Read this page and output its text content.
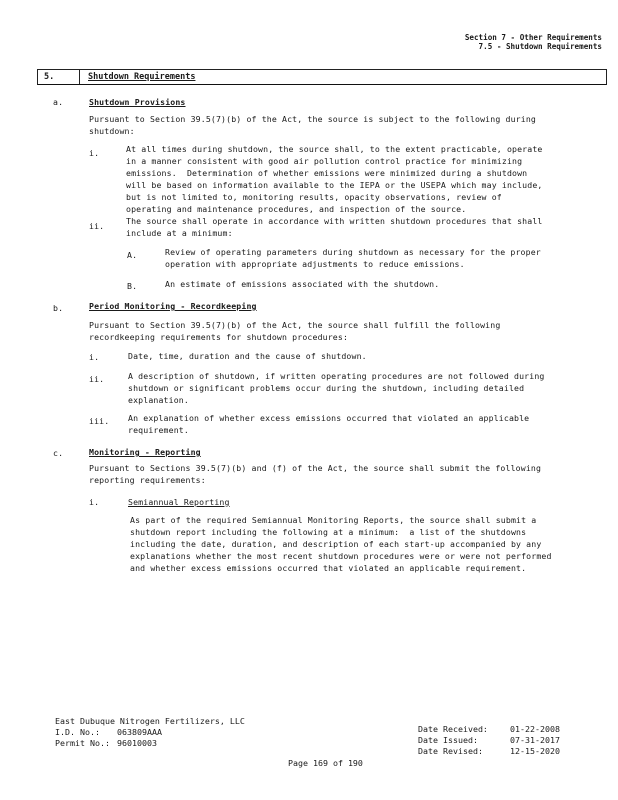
Section 7 - Other Requirements
7.5 - Shutdown Requirements
5.	Shutdown Requirements
a.	Shutdown Provisions
Pursuant to Section 39.5(7)(b) of the Act, the source is subject to the following during
shutdown:
i.	At all times during shutdown, the source shall, to the extent practicable, operate
in a manner consistent with good air pollution control practice for minimizing
emissions.  Determination of whether emissions were minimized during a shutdown
will be based on information available to the IEPA or the USEPA which may include,
but is not limited to, monitoring results, opacity observations, review of
operating and maintenance procedures, and inspection of the source.
ii.	The source shall operate in accordance with written shutdown procedures that shall
include at a minimum:
A.	Review of operating parameters during shutdown as necessary for the proper
operation with appropriate adjustments to reduce emissions.
B.	An estimate of emissions associated with the shutdown.
b.	Period Monitoring - Recordkeeping
Pursuant to Section 39.5(7)(b) of the Act, the source shall fulfill the following
recordkeeping requirements for shutdown procedures:
i.	Date, time, duration and the cause of shutdown.
ii.	A description of shutdown, if written operating procedures are not followed during
shutdown or significant problems occur during the shutdown, including detailed
explanation.
iii. An explanation of whether excess emissions occurred that violated an applicable
requirement.
c.	Monitoring - Reporting
Pursuant to Sections 39.5(7)(b) and (f) of the Act, the source shall submit the following
reporting requirements:
i.	Semiannual Reporting
As part of the required Semiannual Monitoring Reports, the source shall submit a
shutdown report including the following at a minimum:  a list of the shutdowns
including the date, duration, and description of each start-up accompanied by any
explanations whether the most recent shutdown procedures were or were not performed
and whether excess emissions occurred that violated an applicable requirement.
East Dubuque Nitrogen Fertilizers, LLC
I.D. No.: 063809AAA
Permit No.: 96010003
Page 169 of 190
Date Received:	01-22-2008
Date Issued:	07-31-2017
Date Revised:	12-15-2020
